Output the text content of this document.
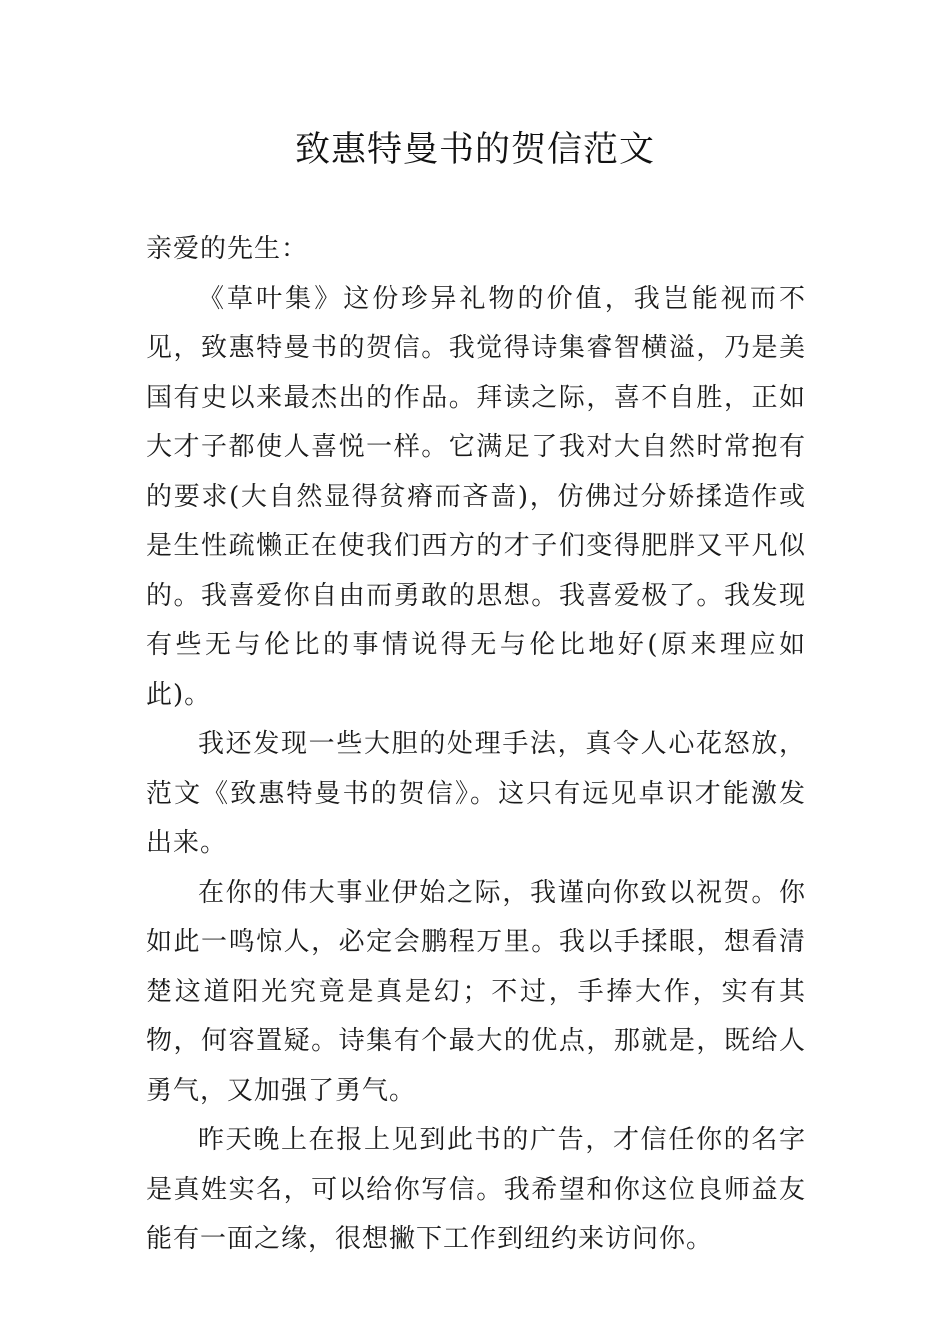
致惠特曼书的贺信范文

亲爱的先生：

《草叶集》这份珍异礼物的价值，我岂能视而不见，致惠特曼书的贺信。我觉得诗集睿智横溢，乃是美国有史以来最杰出的作品。拜读之际，喜不自胜，正如大才子都使人喜悦一样。它满足了我对大自然时常抱有的要求(大自然显得贫瘠而吝啬)，仿佛过分娇揉造作或是生性疏懒正在使我们西方的才子们变得肥胖又平凡似的。我喜爱你自由而勇敢的思想。我喜爱极了。我发现有些无与伦比的事情说得无与伦比地好(原来理应如此)。

我还发现一些大胆的处理手法，真令人心花怒放，范文《致惠特曼书的贺信》。这只有远见卓识才能激发出来。

在你的伟大事业伊始之际，我谨向你致以祝贺。你如此一鸣惊人，必定会鹏程万里。我以手揉眼，想看清楚这道阳光究竟是真是幻；不过，手捧大作，实有其物，何容置疑。诗集有个最大的优点，那就是，既给人勇气，又加强了勇气。

昨天晚上在报上见到此书的广告，才信任你的名字是真姓实名，可以给你写信。我希望和你这位良师益友能有一面之缘，很想撇下工作到纽约来访问你。
